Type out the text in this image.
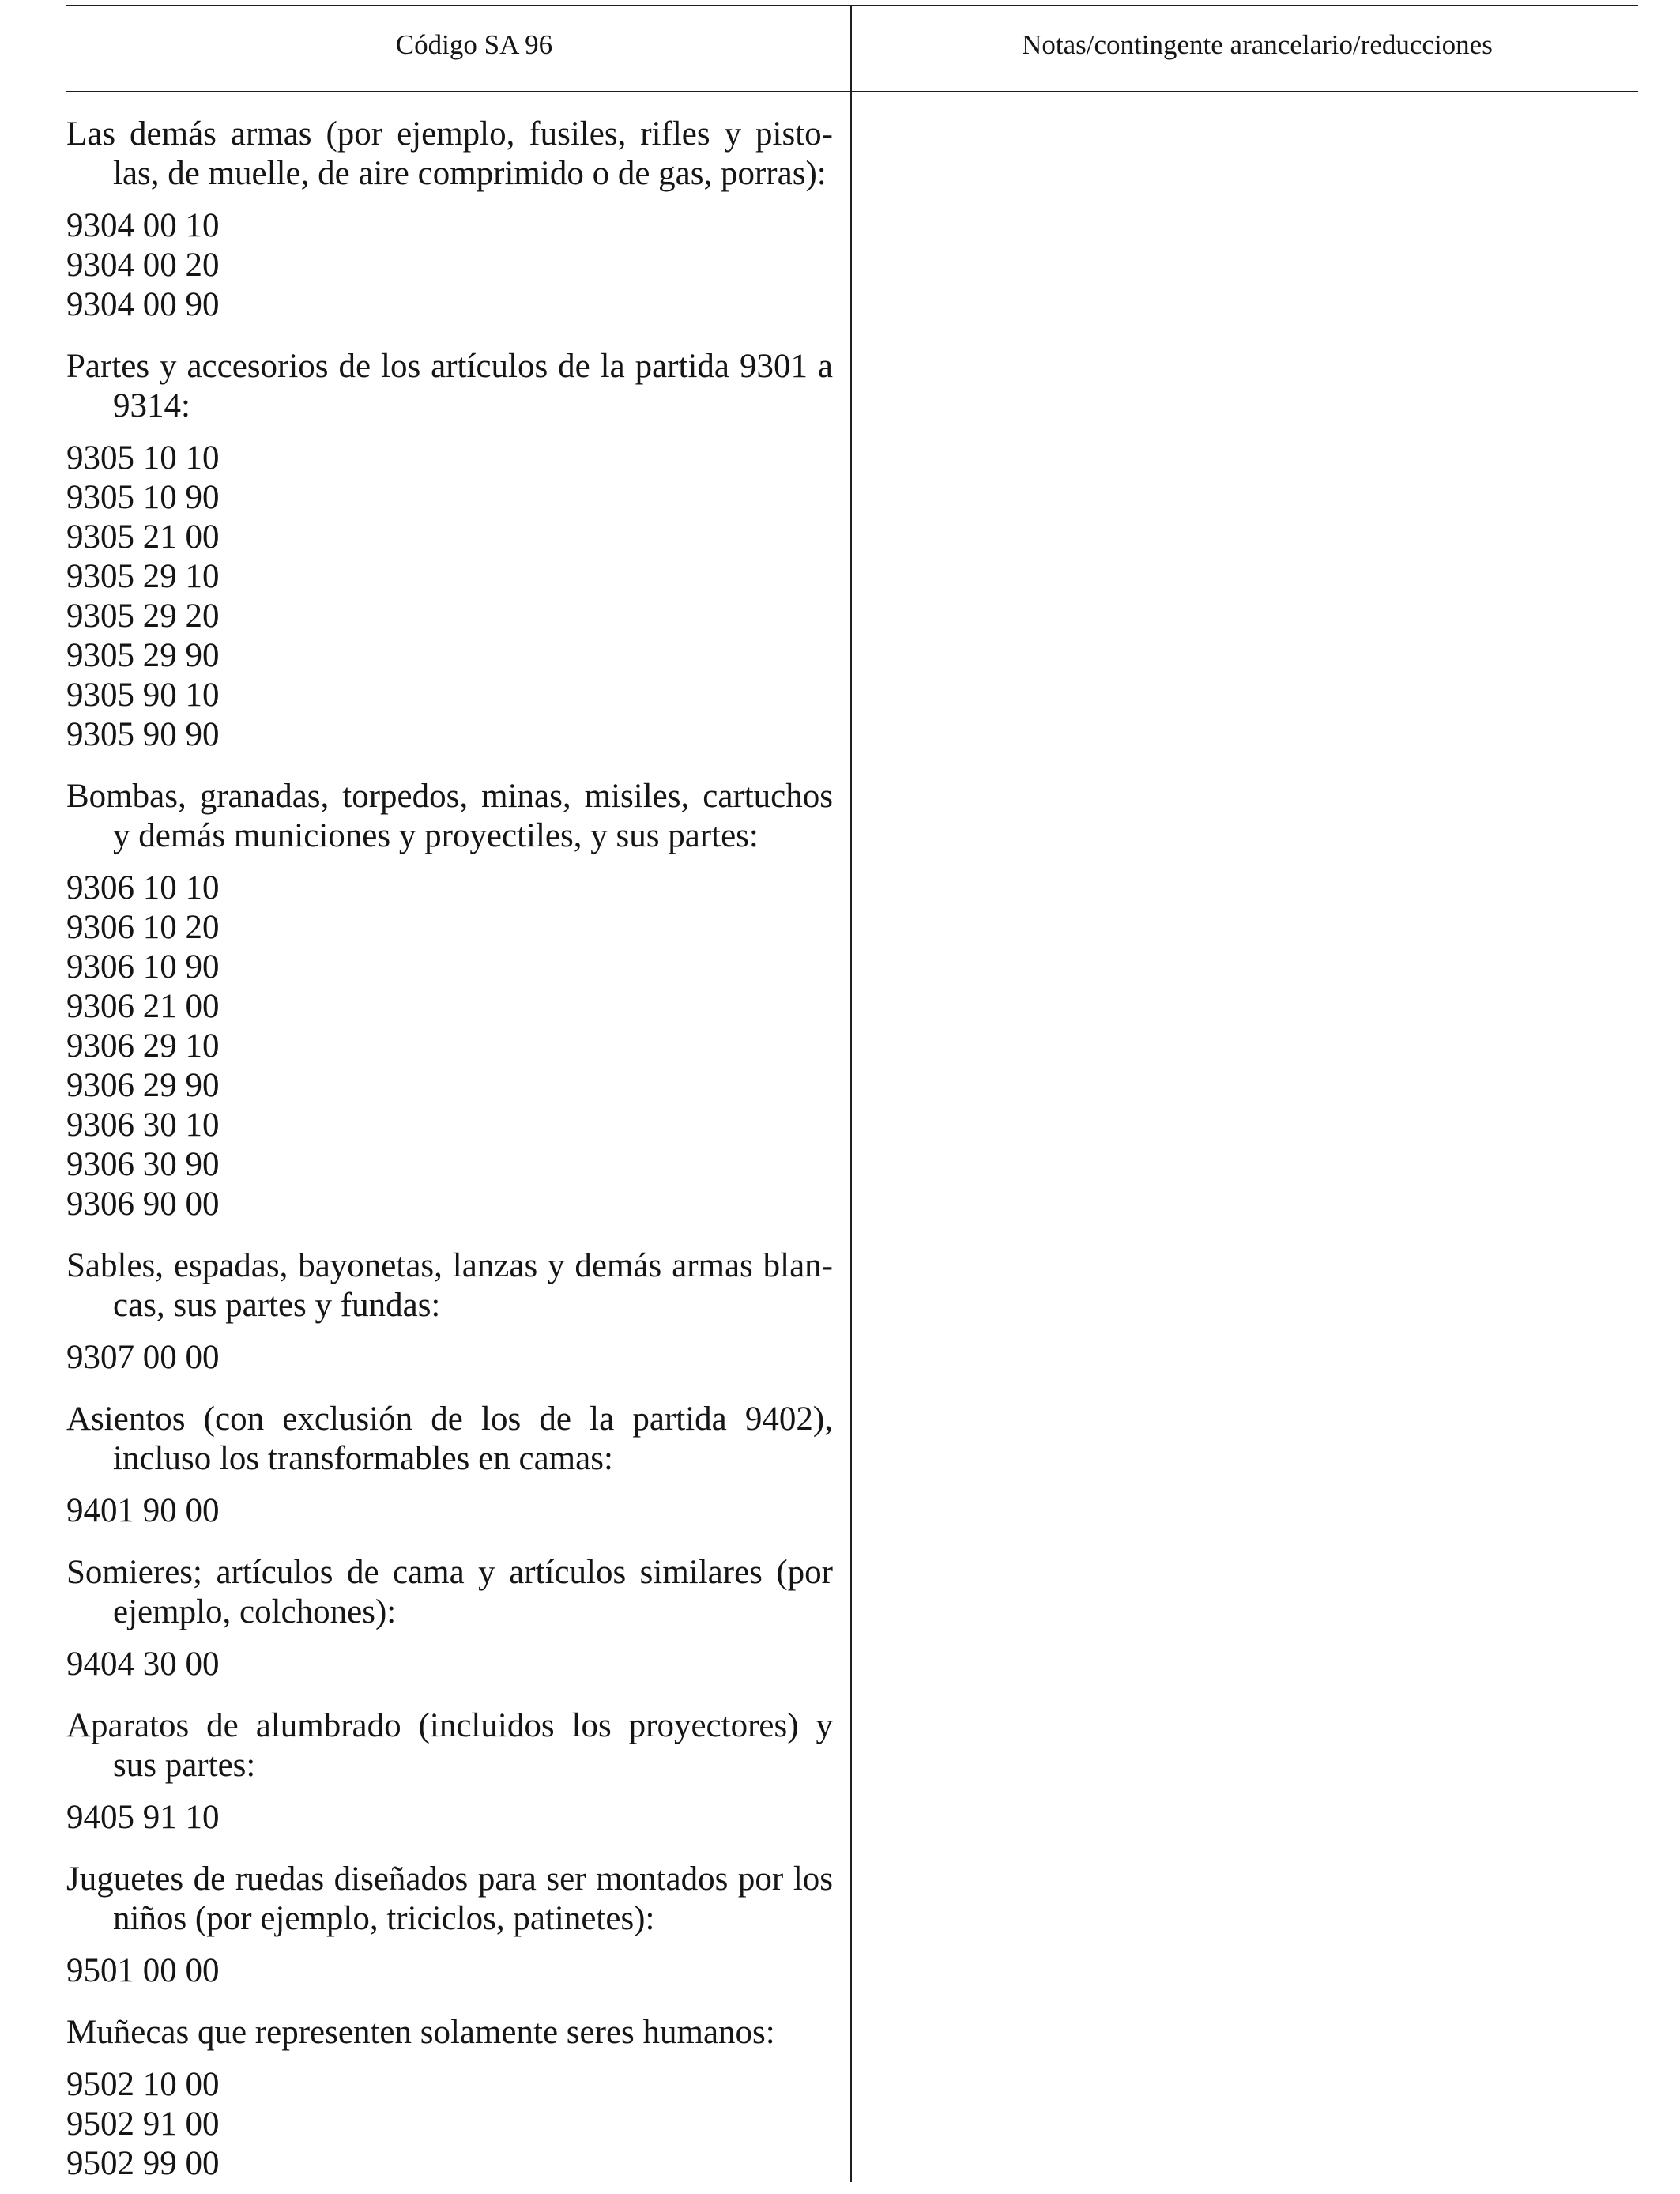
Código SA 96	Notas/contingente arancelario/reducciones
Las demás armas (por ejemplo, fusiles, rifles y pisto-
las, de muelle, de aire comprimido o de gas, porras):
9304 00 10
9304 00 20
9304 00 90
Partes y accesorios de los artículos de la partida 9301 a
9314:
9305 10 10
9305 10 90
9305 21 00
9305 29 10
9305 29 20
9305 29 90
9305 90 10
9305 90 90
Bombas, granadas, torpedos, minas, misiles, cartuchos
y demás municiones y proyectiles, y sus partes:
9306 10 10
9306 10 20
9306 10 90
9306 21 00
9306 29 10
9306 29 90
9306 30 10
9306 30 90
9306 90 00
Sables, espadas, bayonetas, lanzas y demás armas blan-
cas, sus partes y fundas:
9307 00 00
Asientos (con exclusión de los de la partida 9402),
incluso los transformables en camas:
9401 90 00
Somieres; artículos de cama y artículos similares (por
ejemplo, colchones):
9404 30 00
Aparatos de alumbrado (incluidos los proyectores) y
sus partes:
9405 91 10
Juguetes de ruedas diseñados para ser montados por los
niños (por ejemplo, triciclos, patinetes):
9501 00 00
Muñecas que representen solamente seres humanos:
9502 10 00
9502 91 00
9502 99 00
